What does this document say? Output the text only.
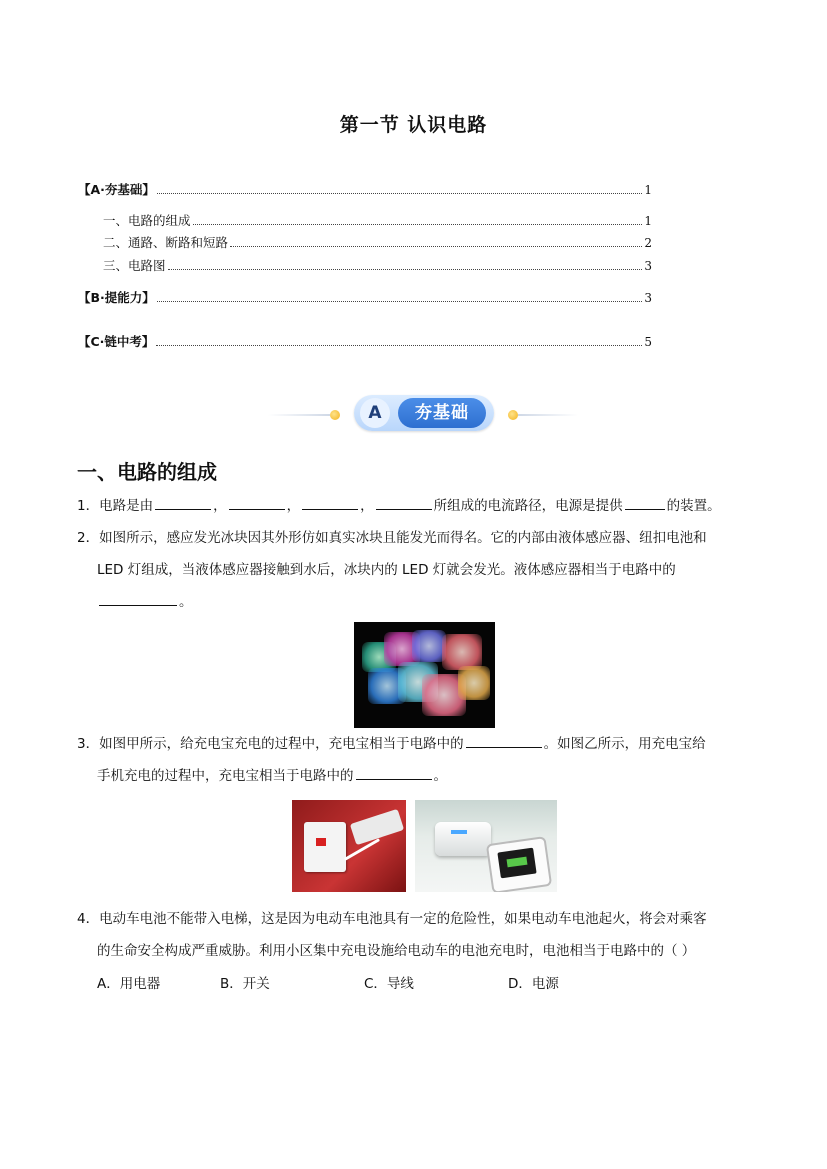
第一节 认识电路
【A·夯基础】	1
一、电路的组成	1
二、通路、断路和短路	2
三、电路图	3
【B·提能力】	3
【C·链中考】	5
A	夯基础
一、电路的组成
1．电路是由	，	，	，	所组成的电流路径，电源是提供	的装置。
2．如图所示，感应发光冰块因其外形仿如真实冰块且能发光而得名。它的内部由液体感应器、纽扣电池和
LED 灯组成，当液体感应器接触到水后，冰块内的 LED 灯就会发光。液体感应器相当于电路中的
。
3．如图甲所示，给充电宝充电的过程中，充电宝相当于电路中的	。如图乙所示，用充电宝给
手机充电的过程中，充电宝相当于电路中的	。
4．电动车电池不能带入电梯，这是因为电动车电池具有一定的危险性，如果电动车电池起火，将会对乘客
的生命安全构成严重威胁。利用小区集中充电设施给电动车的电池充电时，电池相当于电路中的（ ）
A．用电器	B．开关	C．导线	D．电源
